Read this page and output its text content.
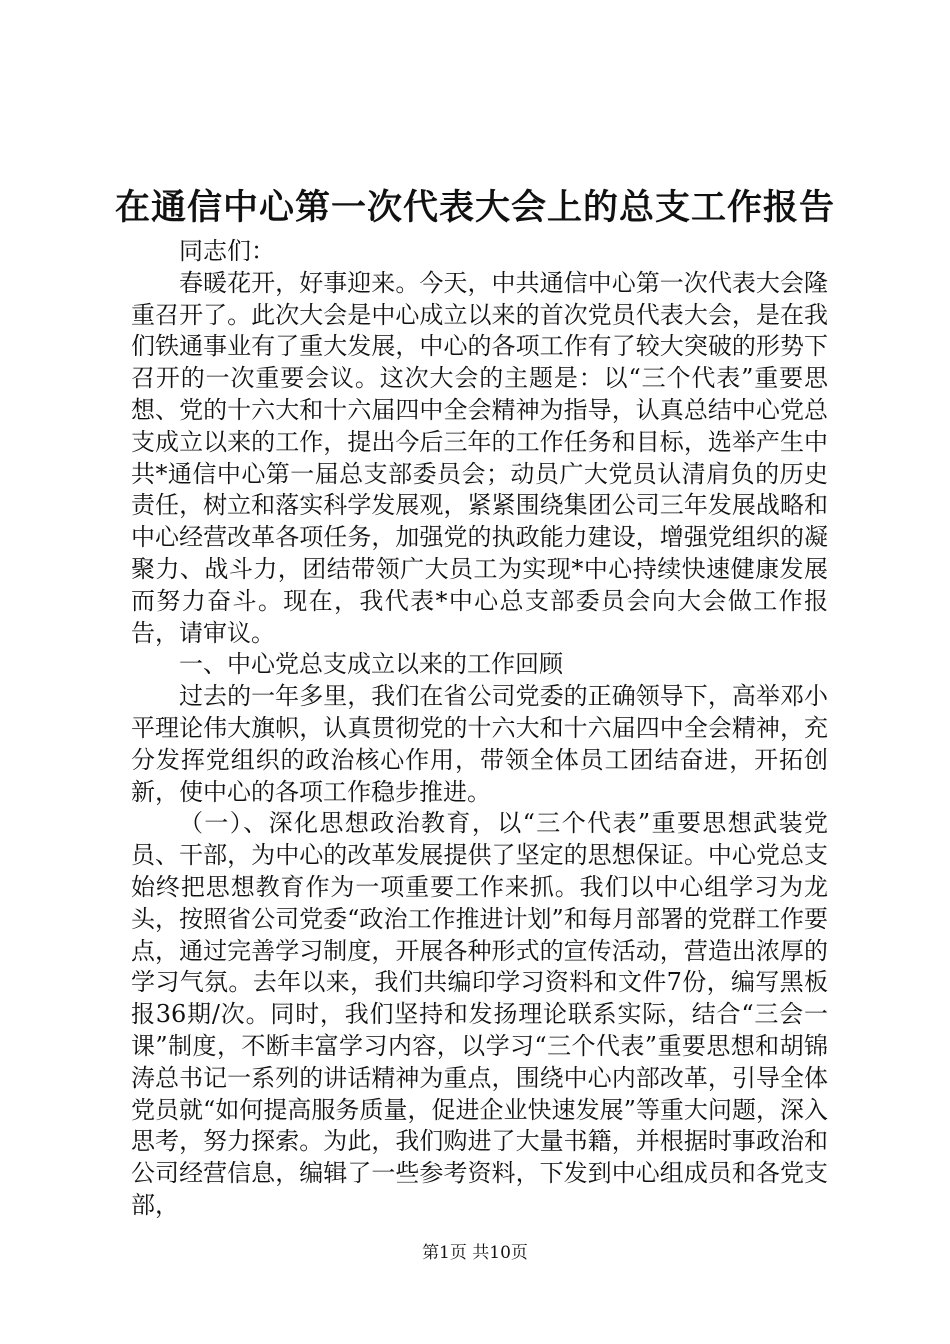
在通信中心第一次代表大会上的总支工作报告

同志们：

春暖花开，好事迎来。今天，中共通信中心第一次代表大会隆重召开了。此次大会是中心成立以来的首次党员代表大会，是在我们铁通事业有了重大发展，中心的各项工作有了较大突破的形势下召开的一次重要会议。这次大会的主题是：以“三个代表”重要思想、党的十六大和十六届四中全会精神为指导，认真总结中心党总支成立以来的工作，提出今后三年的工作任务和目标，选举产生中共*通信中心第一届总支部委员会；动员广大党员认清肩负的历史责任，树立和落实科学发展观，紧紧围绕集团公司三年发展战略和中心经营改革各项任务，加强党的执政能力建设，增强党组织的凝聚力、战斗力，团结带领广大员工为实现*中心持续快速健康发展而努力奋斗。现在，我代表*中心总支部委员会向大会做工作报告，请审议。

一、中心党总支成立以来的工作回顾

过去的一年多里，我们在省公司党委的正确领导下，高举邓小平理论伟大旗帜，认真贯彻党的十六大和十六届四中全会精神，充分发挥党组织的政治核心作用，带领全体员工团结奋进，开拓创新，使中心的各项工作稳步推进。

（一）、深化思想政治教育，以“三个代表”重要思想武装党员、干部，为中心的改革发展提供了坚定的思想保证。中心党总支始终把思想教育作为一项重要工作来抓。我们以中心组学习为龙头，按照省公司党委“政治工作推进计划”和每月部署的党群工作要点，通过完善学习制度，开展各种形式的宣传活动，营造出浓厚的学习气氛。去年以来，我们共编印学习资料和文件7份，编写黑板报36期/次。同时，我们坚持和发扬理论联系实际，结合“三会一课”制度，不断丰富学习内容，以学习“三个代表”重要思想和胡锦涛总书记一系列的讲话精神为重点，围绕中心内部改革，引导全体党员就“如何提高服务质量，促进企业快速发展”等重大问题，深入思考，努力探索。为此，我们购进了大量书籍，并根据时事政治和公司经营信息，编辑了一些参考资料，下发到中心组成员和各党支部，

第1页 共10页
